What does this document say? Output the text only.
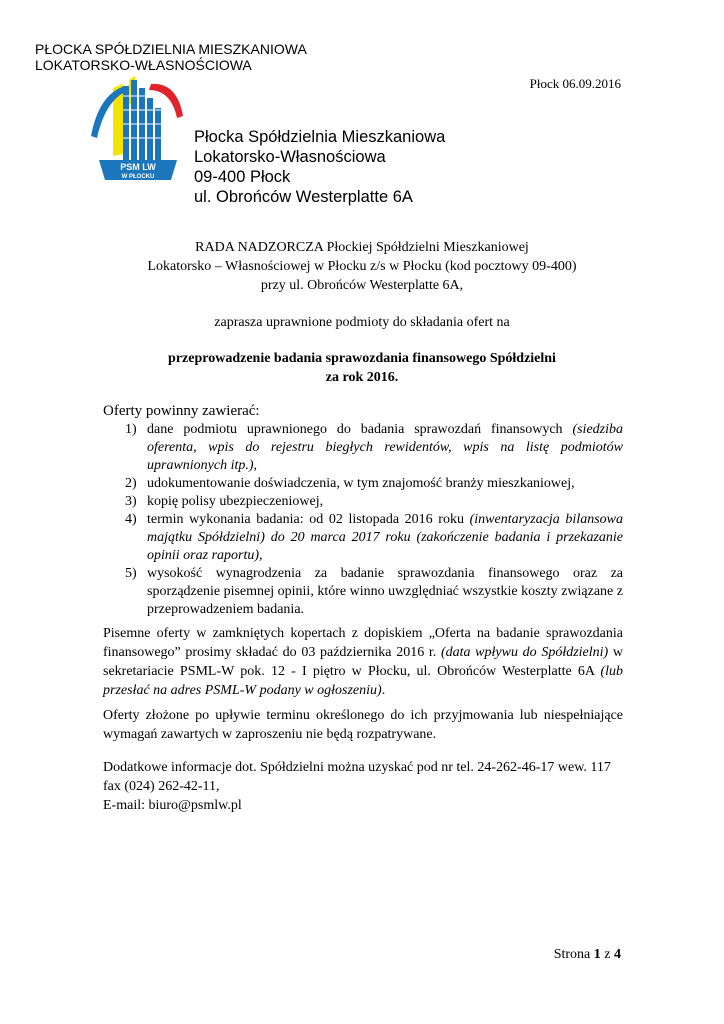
PŁOCKA SPÓŁDZIELNIA MIESZKANIOWA
LOKATORSKO-WŁASNOŚCIOWA
Płock 06.09.2016
PSM LW
W PŁOCKU
Płocka Spółdzielnia Mieszkaniowa
Lokatorsko-Własnościowa
09-400 Płock
ul. Obrońców Westerplatte 6A
RADA NADZORCZA Płockiej Spółdzielni Mieszkaniowej
Lokatorsko – Własnościowej w Płocku z/s w Płocku (kod pocztowy 09-400)
przy ul. Obrońców Westerplatte 6A,
zaprasza uprawnione podmioty do składania ofert na
przeprowadzenie badania sprawozdania finansowego Spółdzielni
za rok 2016.
Oferty powinny zawierać:
1) dane podmiotu uprawnionego do badania sprawozdań finansowych (siedziba oferenta, wpis do rejestru biegłych rewidentów, wpis na listę podmiotów uprawnionych itp.),
2) udokumentowanie doświadczenia, w tym znajomość branży mieszkaniowej,
3) kopię polisy ubezpieczeniowej,
4) termin wykonania badania: od 02 listopada 2016 roku (inwentaryzacja bilansowa majątku Spółdzielni) do 20 marca 2017 roku (zakończenie badania i przekazanie opinii oraz raportu),
5) wysokość wynagrodzenia za badanie sprawozdania finansowego oraz za sporządzenie pisemnej opinii, które winno uwzględniać wszystkie koszty związane z przeprowadzeniem badania.
Pisemne oferty w zamkniętych kopertach z dopiskiem „Oferta na badanie sprawozdania finansowego” prosimy składać do 03 października 2016 r. (data wpływu do Spółdzielni) w sekretariacie PSML-W pok. 12 - I piętro w Płocku, ul. Obrońców Westerplatte 6A (lub przesłać na adres PSML-W podany w ogłoszeniu).
Oferty złożone po upływie terminu określonego do ich przyjmowania lub niespełniające wymagań zawartych w zaproszeniu nie będą rozpatrywane.
Dodatkowe informacje dot. Spółdzielni można uzyskać pod nr tel. 24-262-46-17 wew. 117
fax (024) 262-42-11,
E-mail: biuro@psmlw.pl
Strona 1 z 4
